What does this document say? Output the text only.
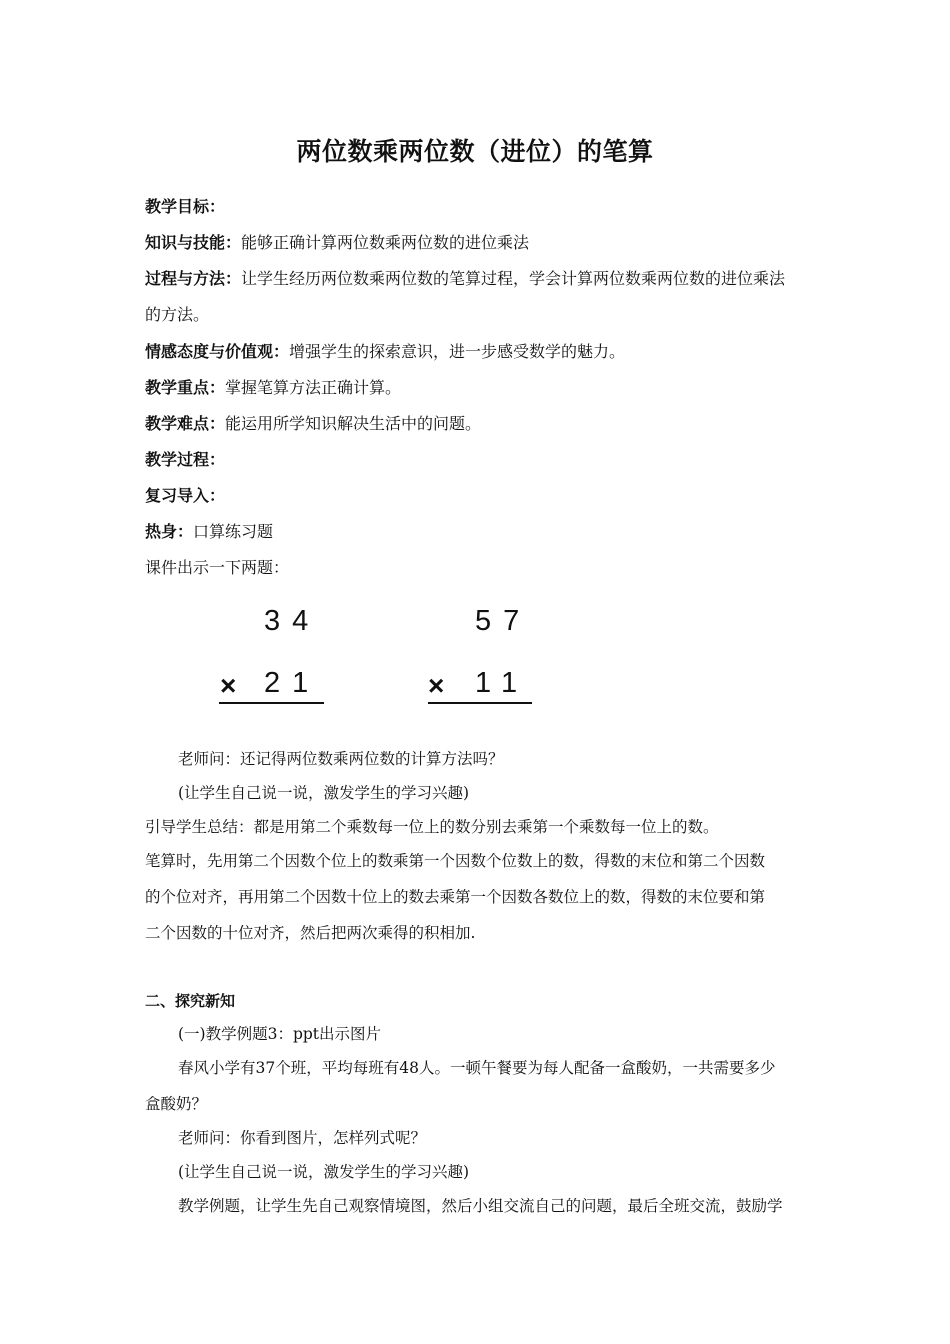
两位数乘两位数（进位）的笔算
教学目标：
知识与技能：能够正确计算两位数乘两位数的进位乘法
过程与方法：让学生经历两位数乘两位数的笔算过程，学会计算两位数乘两位数的进位乘法
的方法。
情感态度与价值观：增强学生的探索意识，进一步感受数学的魅力。
教学重点：掌握笔算方法正确计算。
教学难点：能运用所学知识解决生活中的问题。
教学过程：
复习导入：
热身：口算练习题
课件出示一下两题：
34
× 21
57
× 11
老师问：还记得两位数乘两位数的计算方法吗？
(让学生自己说一说，激发学生的学习兴趣)
引导学生总结：都是用第二个乘数每一位上的数分别去乘第一个乘数每一位上的数。
笔算时，先用第二个因数个位上的数乘第一个因数个位数上的数，得数的末位和第二个因数
的个位对齐，再用第二个因数十位上的数去乘第一个因数各数位上的数，得数的末位要和第
二个因数的十位对齐，然后把两次乘得的积相加.
二、探究新知
(一)教学例题3：ppt出示图片
春风小学有37个班，平均每班有48人。一顿午餐要为每人配备一盒酸奶，一共需要多少
盒酸奶？
老师问：你看到图片，怎样列式呢？
(让学生自己说一说，激发学生的学习兴趣)
教学例题，让学生先自己观察情境图，然后小组交流自己的问题，最后全班交流，鼓励学
